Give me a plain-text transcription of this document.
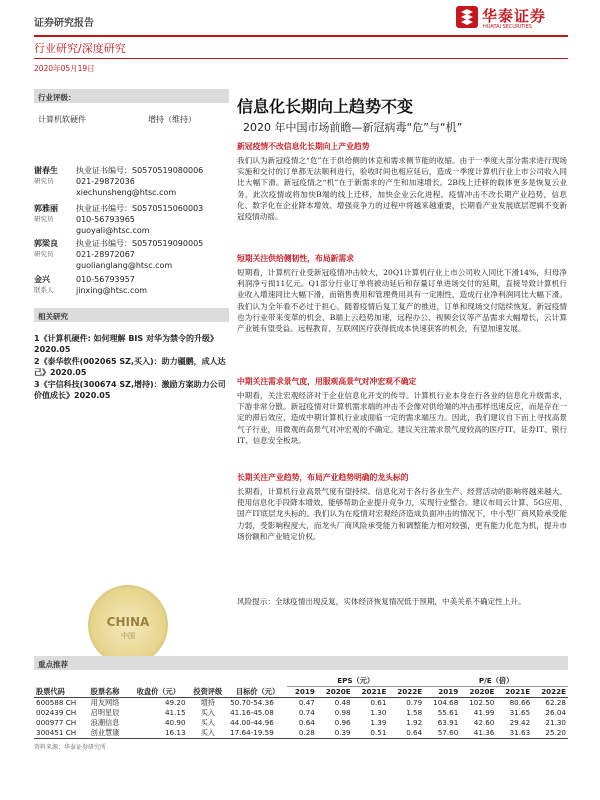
证券研究报告	华泰证券
HUATAI SECURITIES
行业研究/深度研究
2020年05月19日
行业评级：
计算机软硬件	增持（维持）
谢春生
研究员
执业证书编号：S0570519080006
021-29872036
xiechunsheng@htsc.com
郭雅丽
研究员
执业证书编号：S0570515060003
010-56793965
guoyali@htsc.com
郭梁良
研究员
执业证书编号：S0570519090005
021-28972067
guolianglang@htsc.com
金兴
联系人
010-56793957
jinxing@htsc.com
相关研究
1《计算机硬件: 如何理解 BIS 对华为禁令的升级》2020.05
2《泰华软件(002065 SZ,买入)：助力疆鹏，成人达己》2020.05
3《宇信科技(300674 SZ,增持)：激励方案助力公司价值成长》2020.05
CHINA
中国
信息化长期向上趋势不变
2020 年中国市场前瞻—新冠病毒“危”与“机”
新冠疫情不改信息化长期向上产业趋势
我们认为新冠疫情之“危”在于供给侧的休克和需求侧节能的收缩。由于一季度大部分需求进行现场实施和交付的订单都无法顺利进行，验收时间也相应延后，造成一季度计算机行业上市公司收入同比大幅下滑。新冠疫情之“机”在于新需求的产生和加速增长。2B线上迁移的载体更多是恢复云业务，此次疫情或将加快B端的线上迁移，加快企业云化进程。疫情冲击不改长期产业趋势，信息化、数字化在企业降本增效、增强竞争力的过程中将越来越重要，长期看产业发展底层逻辑不变新冠疫情动摇。
短期关注供给侧韧性，布局新需求
短期看，计算机行业受新冠疫情冲击较大，20Q1计算机行业上市公司收入同比下滑14%，归母净利润净亏损11亿元。Q1部分行业订单将被动延后和存量订单进场交付的延期，直接导致计算机行业收入增速同比大幅下滑，而销售费用和管理费用具有一定刚性，造成行业净利润同比大幅下滑。我们认为全年看不必过于担心，随着疫情后复工复产的推进，订单和现场交付陆续恢复。新冠疫情也为行业带来变革的机会，B端上云趋势加速，远程办公、视频会议等产品需求大幅增长，云计算产业链有望受益。远程教育、互联网医疗获得低成本快速获客的机会，有望加速发展。
中期关注需求景气度，用服观高景气对冲宏观不确定
中期看，关注宏观经济对于企业信息化开支的传导。计算机行业本身在行各业的信息化升级需求，下游非常分散。新冠疫情对计算机需求端的冲击不会像对供给端的冲击那样迅速反应，而是存在一定的滞后效应，造成中期计算机行业或面临一定的需求端压力。因此，我们建议自下而上寻找高景气子行业，用微观的高景气对冲宏观的不确定。建议关注需求景气度较高的医疗IT、证券IT、银行IT、信息安全板块。
长期关注产业趋势，布局产业趋势明确的龙头标的
长期看，计算机行业高景气度有望持续。信息化对于各行各业生产、经营活动的影响将越来越大。使用信息化手段降本增效，能够帮助企业提升竞争力，实现行业整合。建议布局云计算、5G应用、国产IT底层龙头标的。我们认为在疫情对宏观经济造成负面冲击的情况下，中小型厂商风险承受能力弱，受影响程度大，而龙头厂商风险承受能力和调整能力相对较强，更有能力化危为机，提升市场份额和产业链定价权。
风险提示：全球疫情出现反复，实体经济恢复情况低于预期，中美关系不确定性上升。
重点推荐
					EPS（元）				P/E（倍）			
股票代码	股票名称	收盘价（元）	投资评级	目标价（元）	2019	2020E	2021E	2022E	2019	2020E	2021E	2022E
600588 CH	用友网络	49.20	增持	50.70-54.36	0.47	0.48	0.61	0.79	104.68	102.50	80.66	62.28
002439 CH	启明星辰	41.15	买入	41.16-45.08	0.74	0.98	1.30	1.58	55.61	41.99	31.65	26.04
000977 CH	浪潮信息	40.90	买入	44.00-44.96	0.64	0.96	1.39	1.92	63.91	42.60	29.42	21.30
300451 CH	创业慧康	16.13	买入	17.64-19.59	0.28	0.39	0.51	0.64	57.60	41.36	31.63	25.20
资料来源：华泰证券研究所
